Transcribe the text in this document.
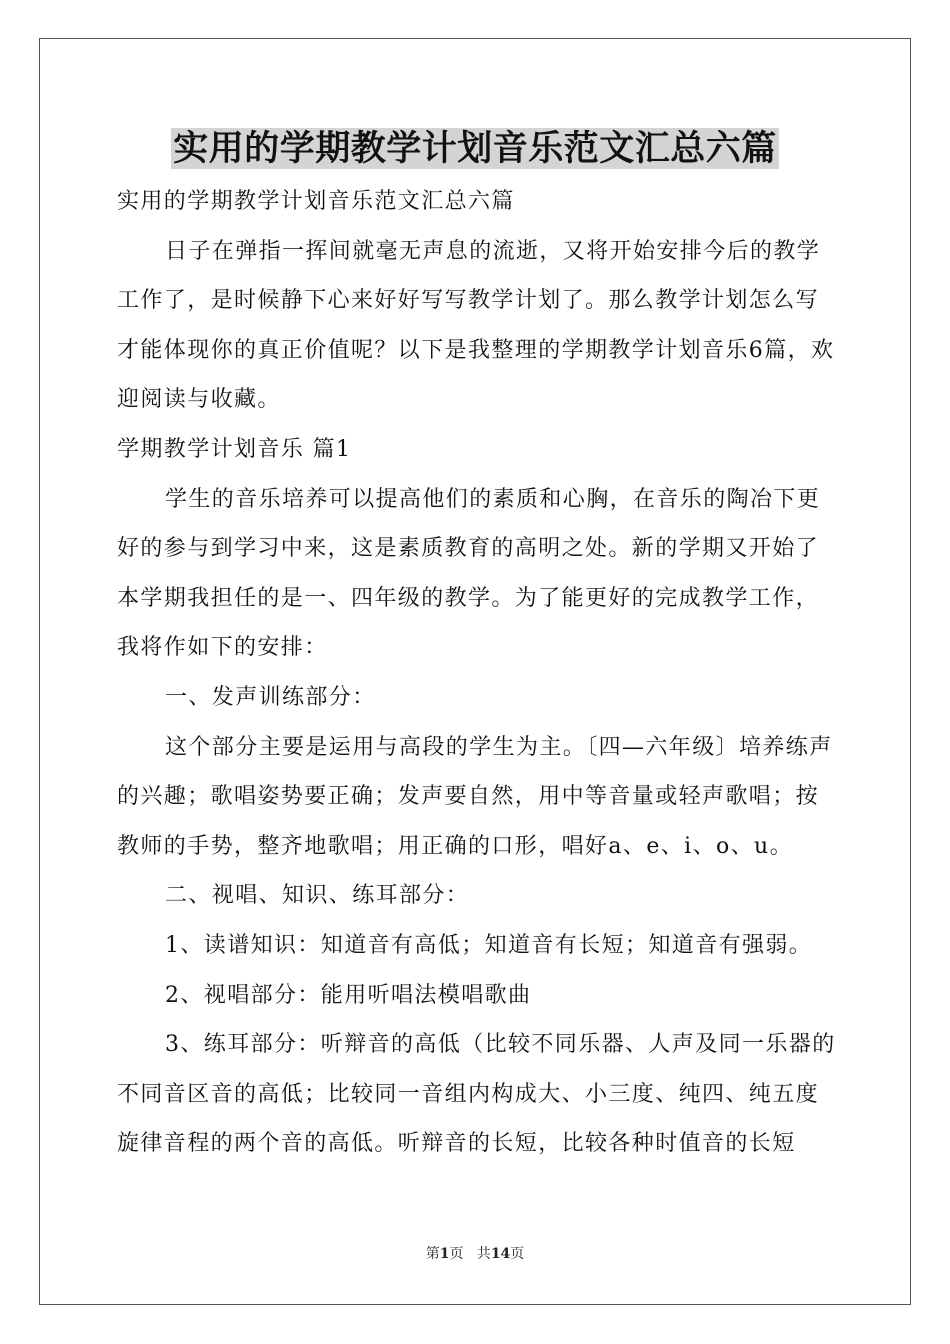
实用的学期教学计划音乐范文汇总六篇

实用的学期教学计划音乐范文汇总六篇

日子在弹指一挥间就毫无声息的流逝，又将开始安排今后的教学工作了，是时候静下心来好好写写教学计划了。那么教学计划怎么写才能体现你的真正价值呢？以下是我整理的学期教学计划音乐6篇，欢迎阅读与收藏。

学期教学计划音乐 篇1

学生的音乐培养可以提高他们的素质和心胸，在音乐的陶冶下更好的参与到学习中来，这是素质教育的高明之处。新的学期又开始了本学期我担任的是一、四年级的教学。为了能更好的完成教学工作，我将作如下的安排：

一、发声训练部分：

这个部分主要是运用与高段的学生为主。〔四—六年级〕培养练声的兴趣；歌唱姿势要正确；发声要自然，用中等音量或轻声歌唱；按教师的手势，整齐地歌唱；用正确的口形，唱好a、e、i、o、u。

二、视唱、知识、练耳部分：

1、读谱知识：知道音有高低；知道音有长短；知道音有强弱。

2、视唱部分：能用听唱法模唱歌曲

3、练耳部分：听辩音的高低（比较不同乐器、人声及同一乐器的不同音区音的高低；比较同一音组内构成大、小三度、纯四、纯五度旋律音程的两个音的高低。听辩音的长短，比较各种时值音的长短

第1页   共14页
